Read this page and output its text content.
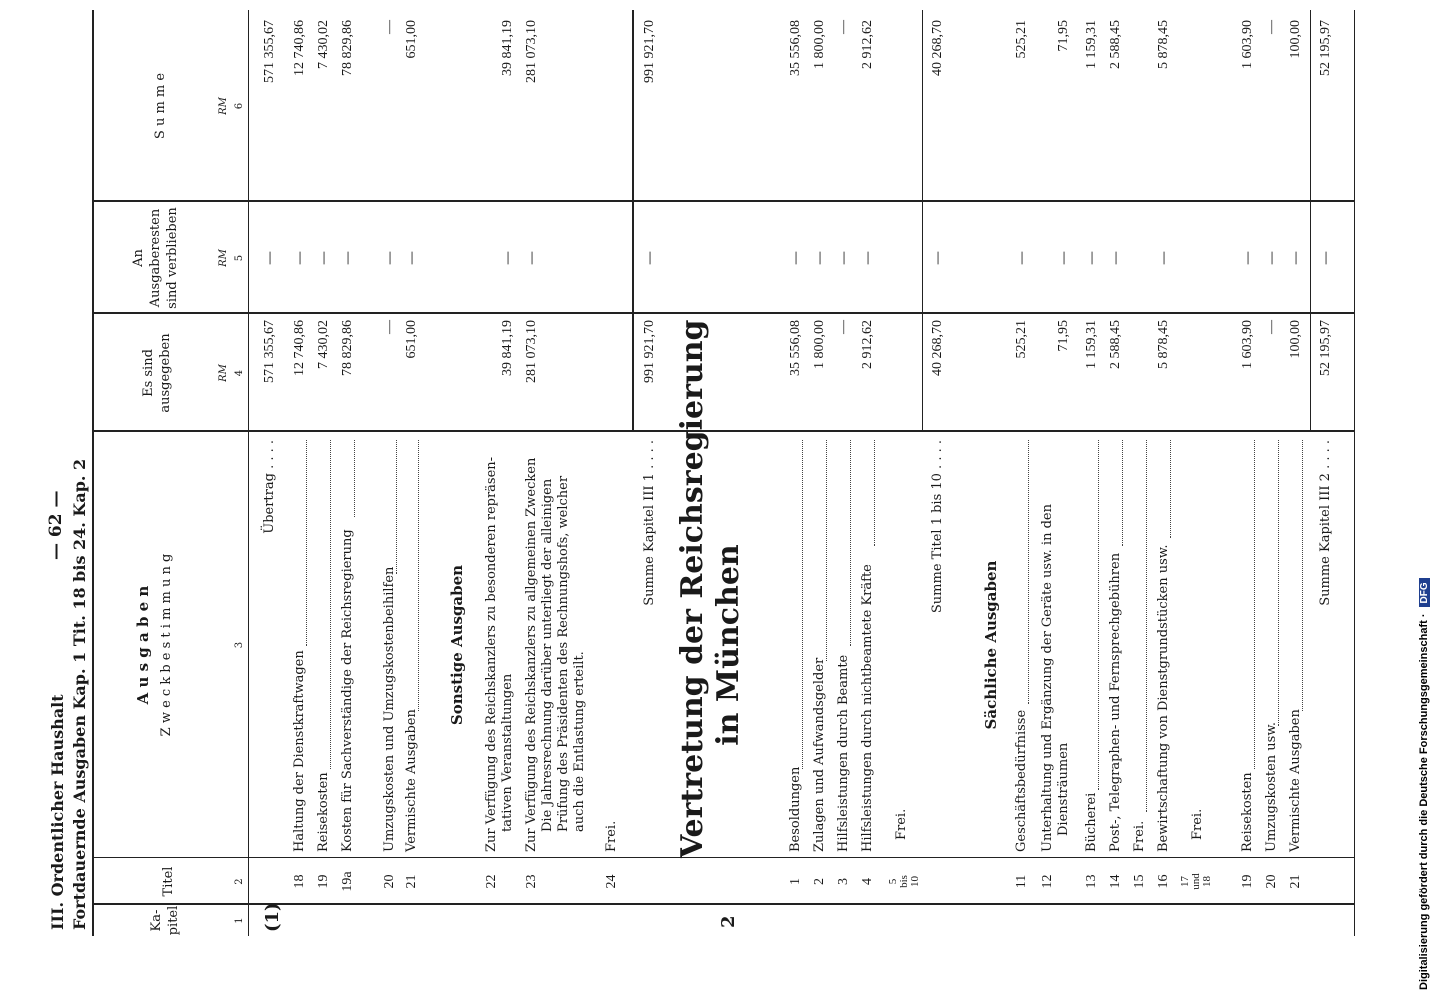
III. Ordentlicher Haushalt Fortdauernde Ausgaben Kap. 1 Tit. 18 bis 24. Kap. 2
— 62 —
Ka-
pitel
Titel
A u s g a b e n Z w e c k b e s t i m m u n g
Es sind
ausgegeben
An
Ausgaberesten
sind verblieben
S u m m e
RM
RM
RM
1
2
3
4
5
6
(1)
Übertrag . . . .
571 355,67
—
571 355,67
Sonstige Ausgaben
22
Zur Verfügung des Reichskanzlers zu besonderen repräsen- tativen Veranstaltungen
39 841,19
—
39 841,19
23
18
Haltung der Dienstkraftwagen
12 740,86
—
12 740,86
19
Reisekosten
7 430,02
—
7 430,02
19a
Kosten für Sachverständige der Reichsregierung
78 829,86
—
78 829,86
20
Umzugskosten und Umzugskostenbeihilfen
—
—
—
21
Vermischte Ausgaben
651,00
—
651,00
Zur Verfügung des Reichskanzlers zu allgemeinen Zwecken Die Jahresrechnung darüber unterliegt der alleinigen Prüfung des Präsidenten des Rechnungshofs, welcher auch die Entlastung erteilt.
281 073,10
—
281 073,10
24
Frei.
Summe Kapitel III 1 . . . .
991 921,70
—
991 921,70
2
Vertretung der Reichsregierung in München
1
Besoldungen
35 556,08
—
35 556,08
2
Zulagen und Aufwandsgelder
1 800,00
—
1 800,00
3
Hilfsleistungen durch Beamte
—
—
—
4
Hilfsleistungen durch nichtbeamtete Kräfte
2 912,62
—
2 912,62
5
bis
10
Frei.
Summe Titel 1 bis 10 . . . .
40 268,70
—
40 268,70
Sächliche Ausgaben
11
Geschäftsbedürfnisse
525,21
—
525,21
12
Unterhaltung und Ergänzung der Geräte usw. in den Diensträumen
71,95
—
71,95
13
Bücherei
1 159,31
—
1 159,31
14
Post-, Telegraphen- und Fernsprechgebühren
2 588,45
—
2 588,45
15
Frei.
16
Bewirtschaftung von Dienstgrundstücken usw.
5 878,45
—
5 878,45
17
und
18
Frei.
19
Reisekosten
1 603,90
—
1 603,90
20
Umzugskosten usw.
—
—
—
21
Vermischte Ausgaben
100,00
—
100,00
Summe Kapitel III 2 . . . .
52 195,97
—
52 195,97
Digitalisierung gefördert durch die Deutsche Forschungsgemeinschaft ·
DFG
